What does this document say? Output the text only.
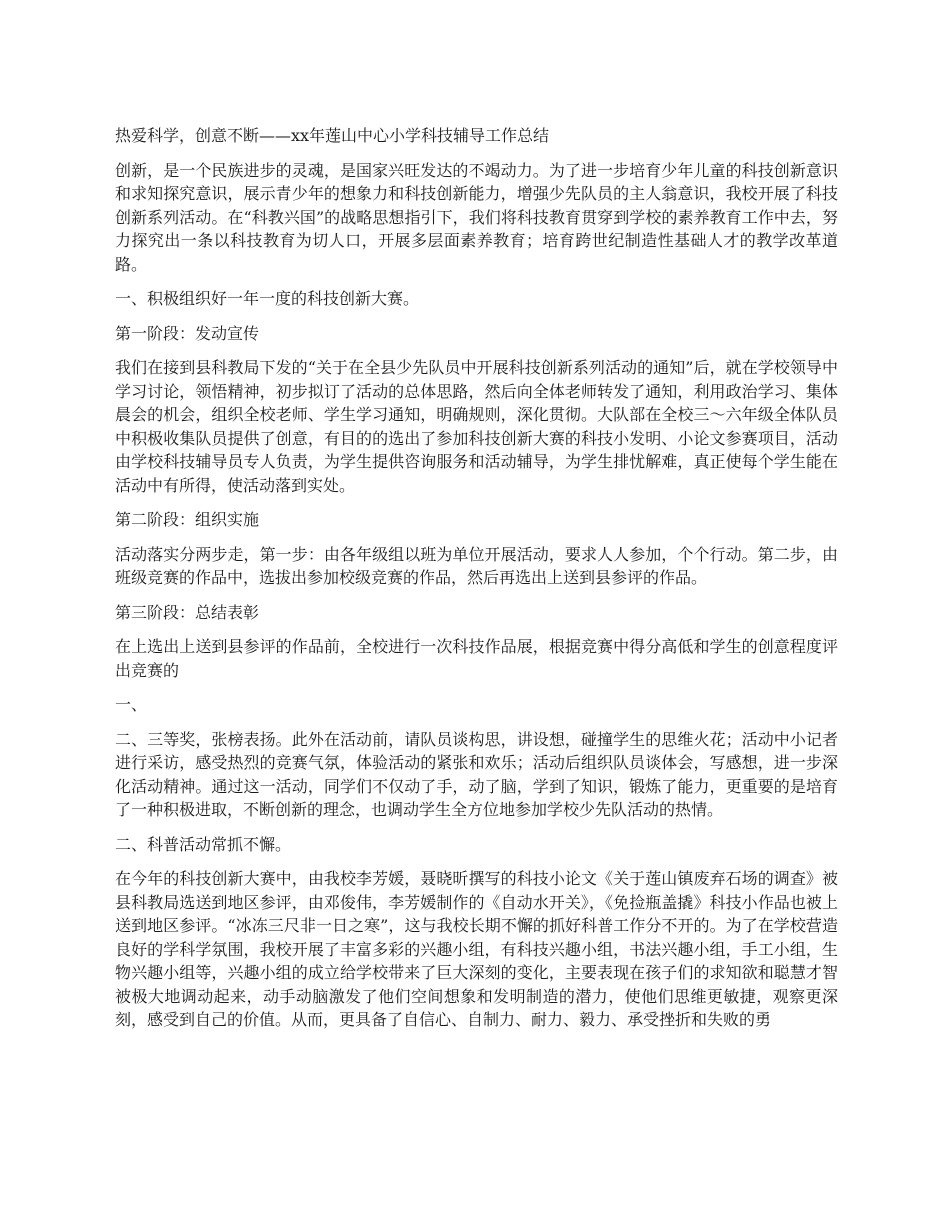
热爱科学，创意不断——xx年莲山中心小学科技辅导工作总结

创新，是一个民族进步的灵魂，是国家兴旺发达的不竭动力。为了进一步培育少年儿童的科技创新意识和求知探究意识，展示青少年的想象力和科技创新能力，增强少先队员的主人翁意识，我校开展了科技创新系列活动。在“科教兴国”的战略思想指引下，我们将科技教育贯穿到学校的素养教育工作中去，努力探究出一条以科技教育为切人口，开展多层面素养教育；培育跨世纪制造性基础人才的教学改革道路。

一、积极组织好一年一度的科技创新大赛。

第一阶段：发动宣传

我们在接到县科教局下发的“关于在全县少先队员中开展科技创新系列活动的通知”后，就在学校领导中学习讨论，领悟精神，初步拟订了活动的总体思路，然后向全体老师转发了通知，利用政治学习、集体晨会的机会，组织全校老师、学生学习通知，明确规则，深化贯彻。大队部在全校三～六年级全体队员中积极收集队员提供了创意，有目的的选出了参加科技创新大赛的科技小发明、小论文参赛项目，活动由学校科技辅导员专人负责，为学生提供咨询服务和活动辅导，为学生排忧解难，真正使每个学生能在活动中有所得，使活动落到实处。

第二阶段：组织实施

活动落实分两步走，第一步：由各年级组以班为单位开展活动，要求人人参加，个个行动。第二步，由班级竞赛的作品中，选拔出参加校级竞赛的作品，然后再选出上送到县参评的作品。

第三阶段：总结表彰

在上选出上送到县参评的作品前，全校进行一次科技作品展，根据竞赛中得分高低和学生的创意程度评出竞赛的

一、

二、三等奖，张榜表扬。此外在活动前，请队员谈构思，讲设想，碰撞学生的思维火花；活动中小记者进行采访，感受热烈的竞赛气氛，体验活动的紧张和欢乐；活动后组织队员谈体会，写感想，进一步深化活动精神。通过这一活动，同学们不仅动了手，动了脑，学到了知识，锻炼了能力，更重要的是培育了一种积极进取，不断创新的理念，也调动学生全方位地参加学校少先队活动的热情。

二、科普活动常抓不懈。

在今年的科技创新大赛中，由我校李芳媛，聂晓昕撰写的科技小论文《关于莲山镇废弃石场的调查》被县科教局选送到地区参评，由邓俊伟，李芳媛制作的《自动水开关》，《免捡瓶盖撬》科技小作品也被上送到地区参评。“冰冻三尺非一日之寒”，这与我校长期不懈的抓好科普工作分不开的。为了在学校营造良好的学科学氛围，我校开展了丰富多彩的兴趣小组，有科技兴趣小组，书法兴趣小组，手工小组，生物兴趣小组等，兴趣小组的成立给学校带来了巨大深刻的变化，主要表现在孩子们的求知欲和聪慧才智被极大地调动起来，动手动脑激发了他们空间想象和发明制造的潜力，使他们思维更敏捷，观察更深刻，感受到自己的价值。从而，更具备了自信心、自制力、耐力、毅力、承受挫折和失败的勇
